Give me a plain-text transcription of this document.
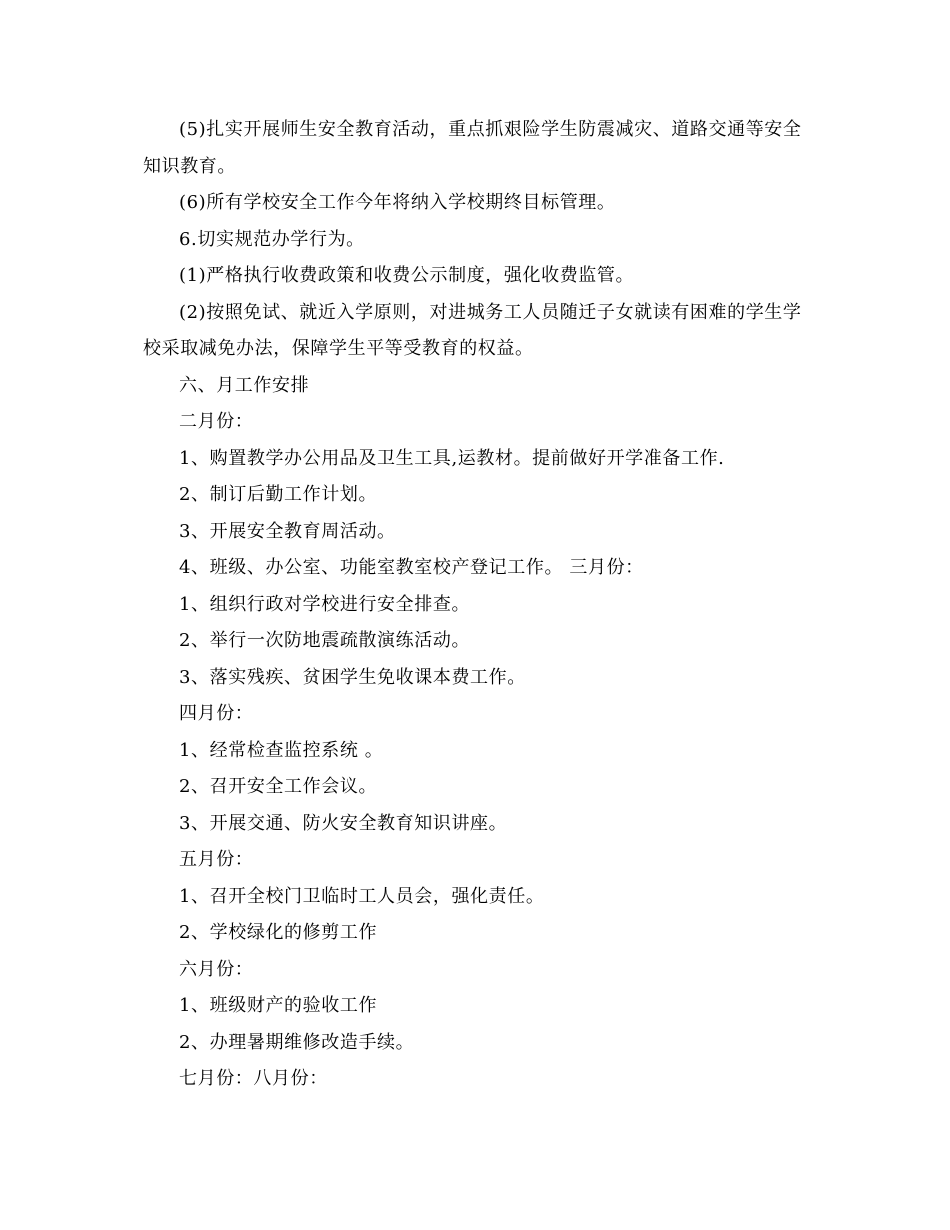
(5)扎实开展师生安全教育活动，重点抓艰险学生防震减灾、道路交通等安全知识教育。

(6)所有学校安全工作今年将纳入学校期终目标管理。

6.切实规范办学行为。

(1)严格执行收费政策和收费公示制度，强化收费监管。

(2)按照免试、就近入学原则，对进城务工人员随迁子女就读有困难的学生学校采取减免办法，保障学生平等受教育的权益。

六、月工作安排

二月份：

1、购置教学办公用品及卫生工具,运教材。提前做好开学准备工作.

2、制订后勤工作计划。

3、开展安全教育周活动。

4、班级、办公室、功能室教室校产登记工作。 三月份：

1、组织行政对学校进行安全排查。

2、举行一次防地震疏散演练活动。

3、落实残疾、贫困学生免收课本费工作。

四月份：

1、经常检查监控系统 。

2、召开安全工作会议。

3、开展交通、防火安全教育知识讲座。

五月份：

1、召开全校门卫临时工人员会，强化责任。

2、学校绿化的修剪工作

六月份：

1、班级财产的验收工作

2、办理暑期维修改造手续。

七月份：八月份：
